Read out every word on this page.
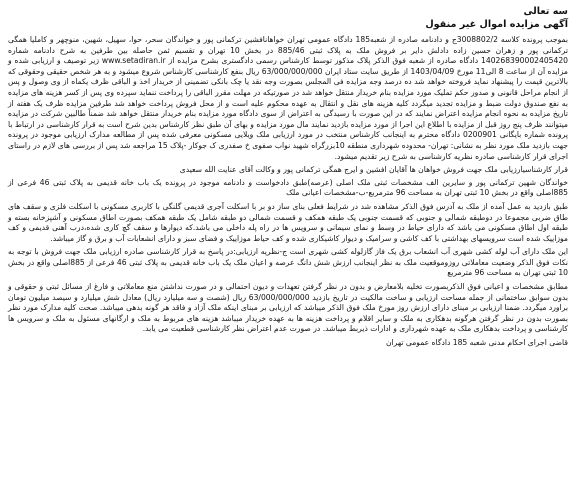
سه تعالی

آگهی مزایده اموال غیر منقول

بموجب پرونده کلاسه 3008802/2ج و دادنامه صادره از شعبه185 دادگاه عمومی تهران خواهانافشین ترکمانی پور و خواندگان سحر، حوا، سهیل، شهین، منوچهر و کاملیا همگی ترکمانی پور و زهران حسین زاده دادلش دایر بر فروش ملک به پلاک ثبتی 885/46 در بخش 10 تهران و تقسیم ثمن حاصله بین طرفین به شرح دادنامه شماره 140268390002405420 دادگاه صادره از شعبه فوق الذکر پلاک مذکور توسط کارشناس رسمی دادگستری بشرح مزایده از www.setadiran.ir زیر توصیف و ارزیابی شده و مزایده آن از ساعت 8 الی11 مورخ 1403/04/09 از طریق سایت ستاد ایران 63/000/000/000 ریال بنفع کارشناسی کارشناس شروع میشود و به هر شخص حقیقی وحقوقی که بالاترین قیمت را پیشنهاد نماید فروخته خواهد شد ده درصد وجه مزایده فی المجلس بصورت وجه نقد یا چک بانکی تضمینی از خریدار اخذ و الباقی ظرف یکماه از وی وصول و پس از انجام مراحل قانونی و صدور حکم تملیک مورد مزایده بنام خریدار منتقل خواهد شد در صورتیکه در مهلت مقرر الباقی را پرداخت ننماید سپرده وی پس از کسر هزینه های مزایده به نفع صندوق دولت ضبط و مزایده تجدید میگردد کلیه هزینه های نقل و انتقال به عهده محکوم علیه است و از محل فروش پرداخت خواهد شد طرفین مزایده ظرف یک هفته از تاریخ مزایده به نحوه انجام مزایده اعتراض نمایند که در این صورت با رسیدگی به اعتراض از سوی دادگاه مورد مزایده بنام خریدار منتقل خواهد شد ضمناً طالبین شرکت در مزایده میتوانند ظرف پنج روز قبل از مزایده با اطلاع این اجرا از مورد مزایده بازدید نمایند مال مورد مزایده و بهای آن طبق نظر کارشناس بدین شرح است به قرار کارشناسی در ارتباط با پرونده شماره بایگانی 0200901 دادگاه محترم به اینجانب کارشناس منتخب در مورد ارزیابی ملک ویلایی مسکونی معرفی شده پس از مطالعه مدارک ارزیابی موجود در پرونده جهت بازدید ملک مورد نظر به نشانی: تهران- محدوده شهرداری منطقه 10بزرگراه شهید نواب صفوی خ صفدری ک جوکار -پلاک 15 مراجعه شد پس از بررسی های لازم در راستای اجرای قرار کارشناسی صادره نظریه کارشناسی به شرح زیر تقدیم میشود.

قرار کارشناسیارزیابی ملک جهت فروش خواهان ها آقایان افشین و ایرج همگی ترکمانی پور و وکالت آقای عنایت الله سعیدی

خواندگان شهین ترکمانی پور و سایرین الف مشخصات ثبتی ملک اصلی (عرصه)طبق دادخواست و دادنامه موجود در پرونده یک باب خانه قدیمی به پلاک ثبتی 46 فرعی از 885اصلی واقع در بخش 10 ثبتی تهران به مساحت 96 مترمربع-ب-مشخصات اعیانی ملک

طبق بازدید به عمل آمده از ملک به آدرس فوق الذکر مشاهده شد در شرایط فعلی بنای ساز دو بر با اسکلت آجری قدیمی گلنگی با کاربری مسکونی با اسکلت فلزی و سقف های طاق ضربی مجموعا در دوطبقه شمالی و جنوبی که قسمت جنوبی یک طبقه همکف و قسمت شمالی دو طبقه شامل یک طبقه همکف بصورت اطاق مسکونی و آشپزخانه بسته و طبقه اول اطاق مسکونی می باشد که دارای حیاط در وسط و نمای سیمانی و سرویس ها در راه پله داخلی می باشد.که دیوارها و سقف گچ کاری شده،درب آهنی قدیمی و کف موزاییک شده است سرویسهای بهداشتی با کف کاشی و سرامیک و دیوار کاشیکاری شده و کف حیاط موزاییک و فضای سبز و دارای انشعابات آب و برق و گاز میباشد.

این ملک دارای آب لوله کشی شهری آب انشعاب برق یک فاز گازلوله کشی شهری است ج-نظریه ارزیابی:در پاسخ به قرار کارشناسی صادره ارزیابی ملک جهت فروش با توجه به نکات فوق الذکر وضعیت معاملاتی روزوموقعیت ملک به نظر اینجانب ارزش شش دانگ عرصه و اعیان ملک یک باب خانه قدیمی به پلاک ثبتی 46 فرعی از 885اصلی واقع در بخش 10 ثبتی تهران به مساحت 96 مترمربع

مطابق مشخصات و اعیانی فوق الذکربصورت تخلیه بلامعارض و بدون در نظر گرفتن تعهدات و دیون احتمالی و در صورت نداشتن منع معاملاتی و فارغ از مسائل ثبتی و حقوقی و بدون سوابق ساختمانی از جمله مساحت ارزیابی و ساخت مالکیت در تاریخ بازدید 63/000/000/000 ریال (شصت و سه میلیارد ریال) معادل شش میلیارد و سیصد میلیون تومان براورد میگردد. ضمنا ارزیابی بر مبنای دارای ارزش روز مورخ ملک فوق الذکر میباشد که ارزیابی بر مبنای اینکه ملک آزاد و فاقد هر گونه بدهی میباشد. صحت کلیه مدارک مورد نظر بصورت بدون در نظر گرفتن هرگونه بدهکاری به ملک و سایر اقلام و پرداخت هزینه ها به عهده خریدار میباشد هزینه های مربوط به ملک و ارگانهای مسئول به ملک و سرویس ها کارشناسی و پرداخت بدهکاری ملک به عهده شهرداری و ادارات ذیربط میباشد. در صورت عدم اعتراض نظر کارشناسی قطعیت می یابد.

قاضی اجرای احکام مدنی شعبه 185 دادگاه عمومی تهران
